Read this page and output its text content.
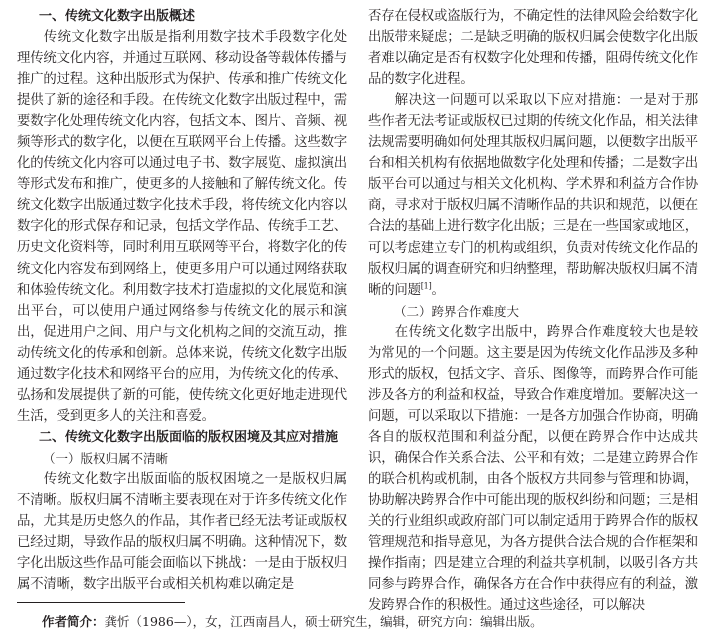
一、传统文化数字出版概述

传统文化数字出版是指利用数字技术手段数字化处理传统文化内容，并通过互联网、移动设备等载体传播与推广的过程。这种出版形式为保护、传承和推广传统文化提供了新的途径和手段。在传统文化数字出版过程中，需要数字化处理传统文化内容，包括文本、图片、音频、视频等形式的数字化，以便在互联网平台上传播。这些数字化的传统文化内容可以通过电子书、数字展览、虚拟演出等形式发布和推广，使更多的人接触和了解传统文化。传统文化数字出版通过数字化技术手段，将传统文化内容以数字化的形式保存和记录，包括文学作品、传统手工艺、历史文化资料等，同时利用互联网等平台，将数字化的传统文化内容发布到网络上，使更多用户可以通过网络获取和体验传统文化。利用数字技术打造虚拟的文化展览和演出平台，可以使用户通过网络参与传统文化的展示和演出，促进用户之间、用户与文化机构之间的交流互动，推动传统文化的传承和创新。总体来说，传统文化数字出版通过数字化技术和网络平台的应用，为传统文化的传承、弘扬和发展提供了新的可能，使传统文化更好地走进现代生活，受到更多人的关注和喜爱。

二、传统文化数字出版面临的版权困境及其应对措施

（一）版权归属不清晰

传统文化数字出版面临的版权困境之一是版权归属不清晰。版权归属不清晰主要表现在对于许多传统文化作品，尤其是历史悠久的作品，其作者已经无法考证或版权已经过期，导致作品的版权归属不明确。这种情况下，数字化出版这些作品可能会面临以下挑战：一是由于版权归属不清晰，数字出版平台或相关机构难以确定是

否存在侵权或盗版行为，不确定性的法律风险会给数字化出版带来疑虑；二是缺乏明确的版权归属会使数字化出版者难以确定是否有权数字化处理和传播，阻碍传统文化作品的数字化进程。

解决这一问题可以采取以下应对措施：一是对于那些作者无法考证或版权已过期的传统文化作品，相关法律法规需要明确如何处理其版权归属问题，以便数字出版平台和相关机构有依据地做数字化处理和传播；二是数字出版平台可以通过与相关文化机构、学术界和利益方合作协商，寻求对于版权归属不清晰作品的共识和规范，以便在合法的基础上进行数字化出版；三是在一些国家或地区，可以考虑建立专门的机构或组织，负责对传统文化作品的版权归属的调查研究和归纳整理，帮助解决版权归属不清晰的问题[1]。

（二）跨界合作难度大

在传统文化数字出版中，跨界合作难度较大也是较为常见的一个问题。这主要是因为传统文化作品涉及多种形式的版权，包括文字、音乐、图像等，而跨界合作可能涉及各方的利益和权益，导致合作难度增加。要解决这一问题，可以采取以下措施：一是各方加强合作协商，明确各自的版权范围和利益分配，以便在跨界合作中达成共识，确保合作关系合法、公平和有效；二是建立跨界合作的联合机构或机制，由各个版权方共同参与管理和协调，协助解决跨界合作中可能出现的版权纠纷和问题；三是相关的行业组织或政府部门可以制定适用于跨界合作的版权管理规范和指导意见，为各方提供合法合规的合作框架和操作指南；四是建立合理的利益共享机制，以吸引各方共同参与跨界合作，确保各方在合作中获得应有的利益，激发跨界合作的积极性。通过这些途径，可以解决

作者简介：龚忻（1986—），女，江西南昌人，硕士研究生，编辑，研究方向：编辑出版。
